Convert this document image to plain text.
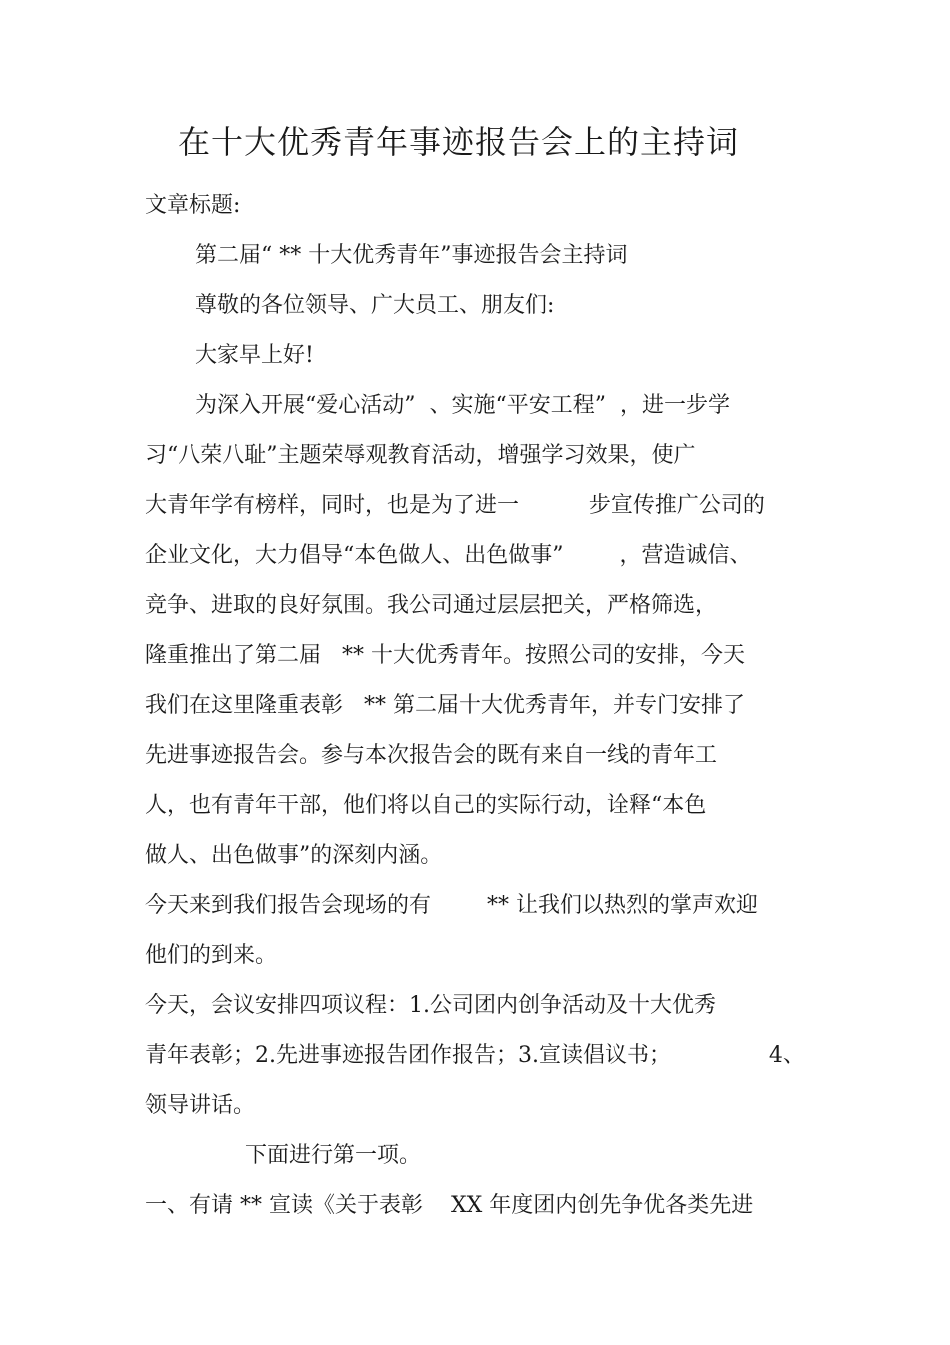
在十大优秀青年事迹报告会上的主持词
文章标题:
第二届“ ** 十大优秀青年”事迹报告会主持词
尊敬的各位领导、广大员工、朋友们:
大家早上好!
为深入开展“爱心活动”  、实施“平安工程”  ，进一步学
习“八荣八耻”主题荣辱观教育活动，增强学习效果，使广
大青年学有榜样，同时，也是为了进一          步宣传推广公司的
企业文化，大力倡导“本色做人、出色做事”        ，营造诚信、
竞争、进取的良好氛围。我公司通过层层把关，严格筛选，
隆重推出了第二届   ** 十大优秀青年。按照公司的安排，今天
我们在这里隆重表彰   ** 第二届十大优秀青年，并专门安排了
先进事迹报告会。参与本次报告会的既有来自一线的青年工
人，也有青年干部，他们将以自己的实际行动，诠释“本色
做人、出色做事”的深刻内涵。
今天来到我们报告会现场的有        ** 让我们以热烈的掌声欢迎
他们的到来。
今天，会议安排四项议程：1.公司团内创争活动及十大优秀
青年表彰；2.先进事迹报告团作报告；3.宣读倡议书；              4、
领导讲话。
下面进行第一项。
一、有请 ** 宣读《关于表彰    XX 年度团内创先争优各类先进
